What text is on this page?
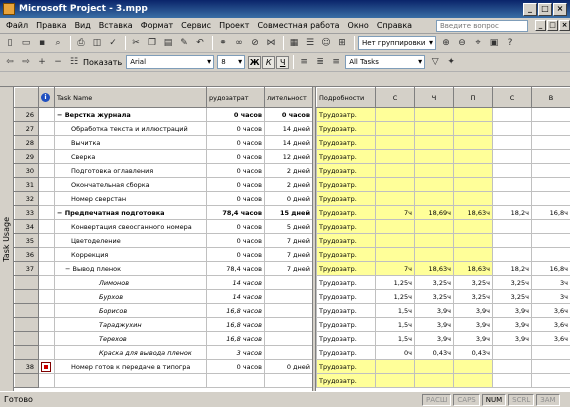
Microsoft Project - 3.mpp	_	□ ×
Файл	Правка	Вид	Вставка	Формат	Сервис	Проект	Совместная работа	Окно	Справка	Введите вопрос	_ □ ×
▯	▭ ▪	⌕	⎙ ◫ ✓	✂ ❐ ▤ ✎ ↶	⚭ ∞ ⊘ ⋈	▦ ☰ ☺ ⊞	Нет группировки ▾	⊕ ⊖	⌖	▣	?
⇦ ⇨ + − ☷ Показать	Arial ▾	8 ▾	Ж К	Ч	≡ ≣ ≡	All Tasks ▾	▽ ✦
Task Usage
	i	Task Name	рудозатрат	лительност
26		− Верстка журнала	0 часов	0 часов
27		Обработка текста и иллюстраций	0 часов	14 дней
28		Вычитка	0 часов	14 дней
29		Сверка	0 часов	12 дней
30		Подготовка оглавления	0 часов	2 дней
31		Окончательная сборка	0 часов	2 дней
32		Номер сверстан	0 часов	0 дней
33		− Предпечатная подготовка	78,4 часов	15 дней
34		Конвертация свеосганного номера	0 часов	5 дней
35		Цветоделение	0 часов	7 дней
36		Коррекция	0 часов	7 дней
37		− Вывод пленок	78,4 часов	7 дней
		Лимонов	14 часов	
		Бурхов	14 часов	
		Борисов	16,8 часов	
		Тараджухин	16,8 часов	
		Терехов	16,8 часов	
		Краска для вывода пленок	3 часов	
38		Номер готов к передаче в типогра	0 часов	0 дней

Подробности	С	Ч	П	С	В
Трудозатр.					
Трудозатр.					
Трудозатр.					
Трудозатр.					
Трудозатр.					
Трудозатр.					
Трудозатр.					
Трудозатр.	7ч	18,69ч	18,63ч	18,2ч	16,8ч
Трудозатр.					
Трудозатр.					
Трудозатр.					
Трудозатр.	7ч	18,63ч	18,63ч	18,2ч	16,8ч
Трудозатр.	1,25ч	3,25ч	3,25ч	3,25ч	3ч
Трудозатр.	1,25ч	3,25ч	3,25ч	3,25ч	3ч
Трудозатр.	1,5ч	3,9ч	3,9ч	3,9ч	3,6ч
Трудозатр.	1,5ч	3,9ч	3,9ч	3,9ч	3,6ч
Трудозатр.	1,5ч	3,9ч	3,9ч	3,9ч	3,6ч
Трудозатр.	0ч	0,43ч	0,43ч		
Трудозатр.					
Трудозатр.					
Готово	РАСШ	CAPS	NUM	SCRL	ЗАМ
